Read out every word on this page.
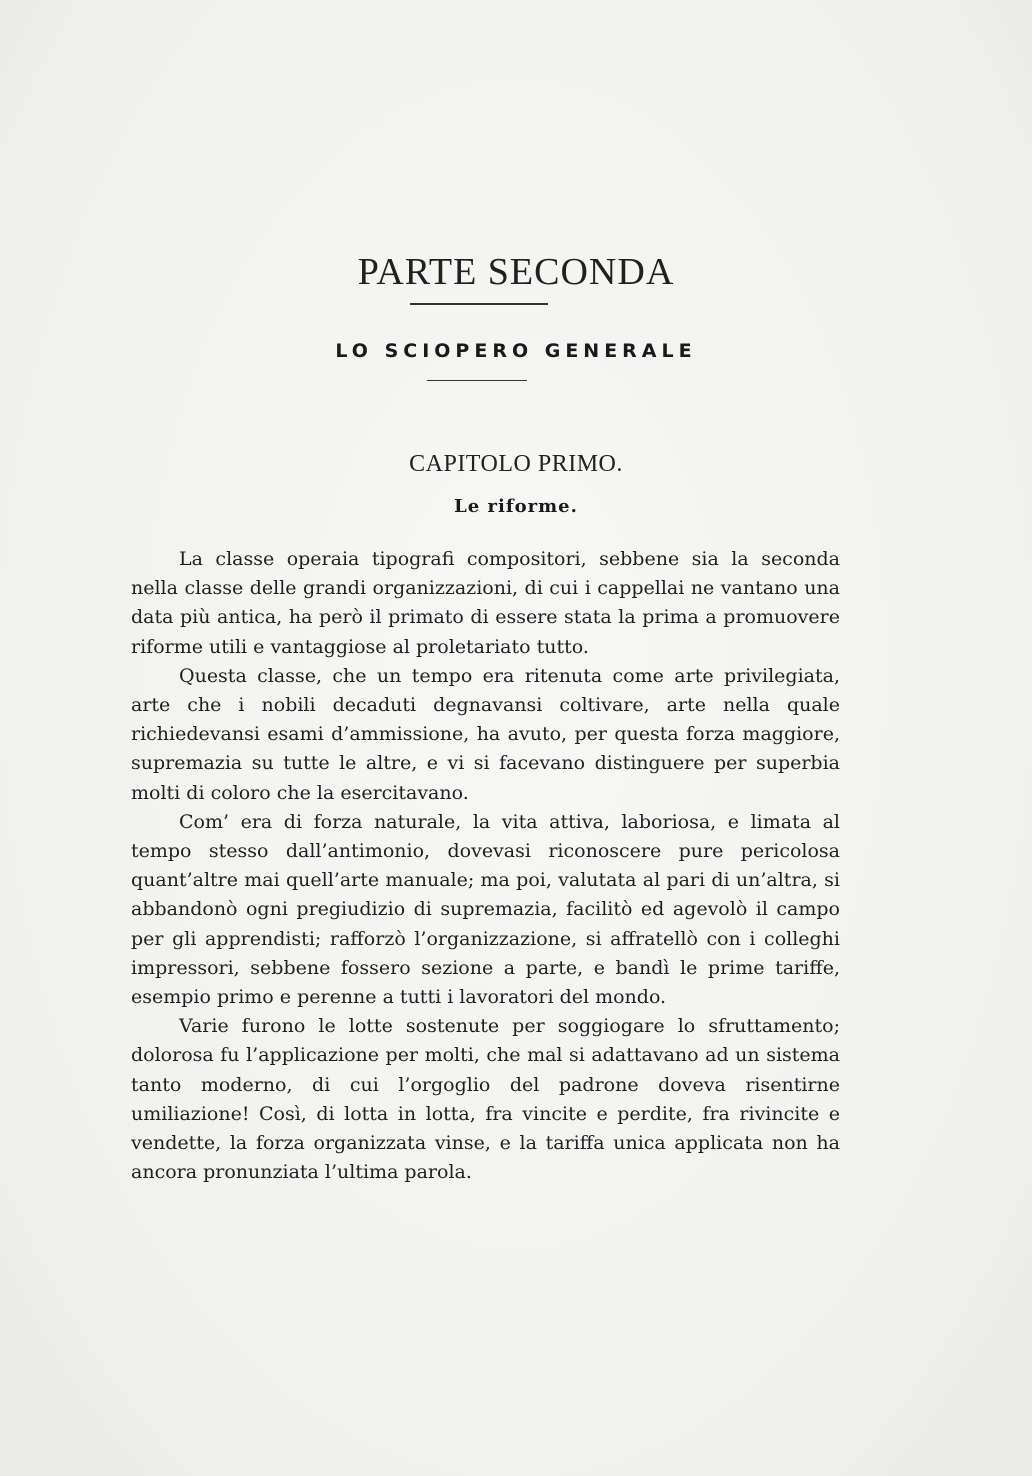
PARTE SECONDA
LO SCIOPERO GENERALE
CAPITOLO PRIMO.
Le riforme.

La classe operaia tipografi compositori, sebbene sia la seconda nella classe delle grandi organizzazioni, di cui i cappellai ne vantano una data più antica, ha però il primato di essere stata la prima a promuovere riforme utili e vantaggiose al proletariato tutto.

Questa classe, che un tempo era ritenuta come arte privilegiata, arte che i nobili decaduti degnavansi coltivare, arte nella quale richiedevansi esami d’ammissione, ha avuto, per questa forza maggiore, supremazia su tutte le altre, e vi si facevano distinguere per superbia molti di coloro che la esercitavano.

Com’ era di forza naturale, la vita attiva, laboriosa, e limata al tempo stesso dall’antimonio, dovevasi riconoscere pure pericolosa quant’altre mai quell’arte manuale; ma poi, valutata al pari di un’altra, si abbandonò ogni pregiudizio di supremazia, facilitò ed agevolò il campo per gli apprendisti; rafforzò l’organizzazione, si affratellò con i colleghi impressori, sebbene fossero sezione a parte, e bandì le prime tariffe, esempio primo e perenne a tutti i lavoratori del mondo.

Varie furono le lotte sostenute per soggiogare lo sfruttamento; dolorosa fu l’applicazione per molti, che mal si adattavano ad un sistema tanto moderno, di cui l’orgoglio del padrone doveva risentirne umiliazione! Così, di lotta in lotta, fra vincite e perdite, fra rivincite e vendette, la forza organizzata vinse, e la tariffa unica applicata non ha ancora pronunziata l’ultima parola.
